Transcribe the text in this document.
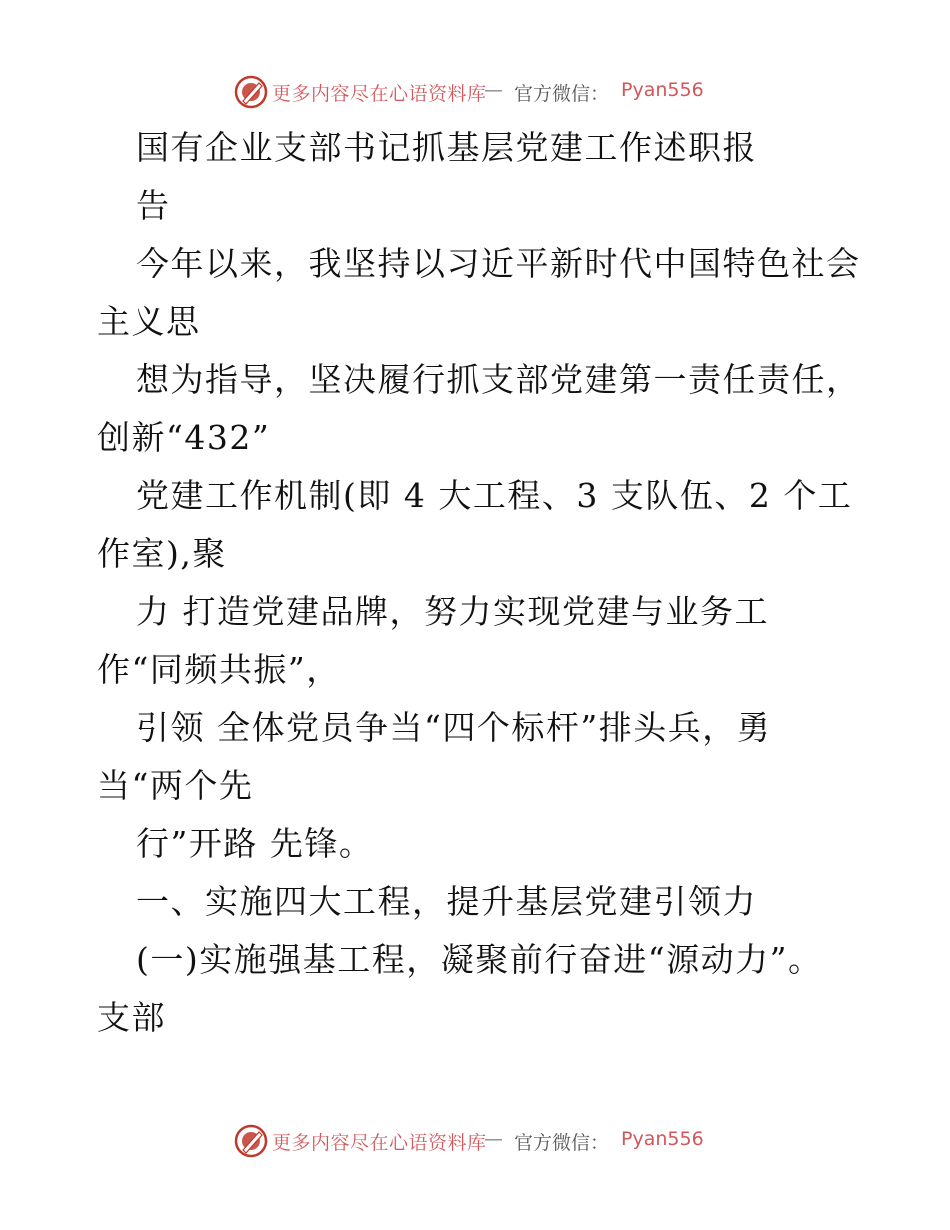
更多内容尽在心语资料库
— 官方微信： Pyan556
国有企业支部书记抓基层党建工作述职报
告
今年以来，我坚持以习近平新时代中国特色社会
主义思
想为指导，坚决履行抓支部党建第一责任责任，
创新“432”
党建工作机制(即 4 大工程、3 支队伍、2 个工
作室),聚
力 打造党建品牌，努力实现党建与业务工
作“同频共振”，
引领 全体党员争当“四个标杆”排头兵，勇
当“两个先
行”开路 先锋。
一、实施四大工程，提升基层党建引领力
(一)实施强基工程，凝聚前行奋进“源动力”。
支部
更多内容尽在心语资料库
— 官方微信： Pyan556
